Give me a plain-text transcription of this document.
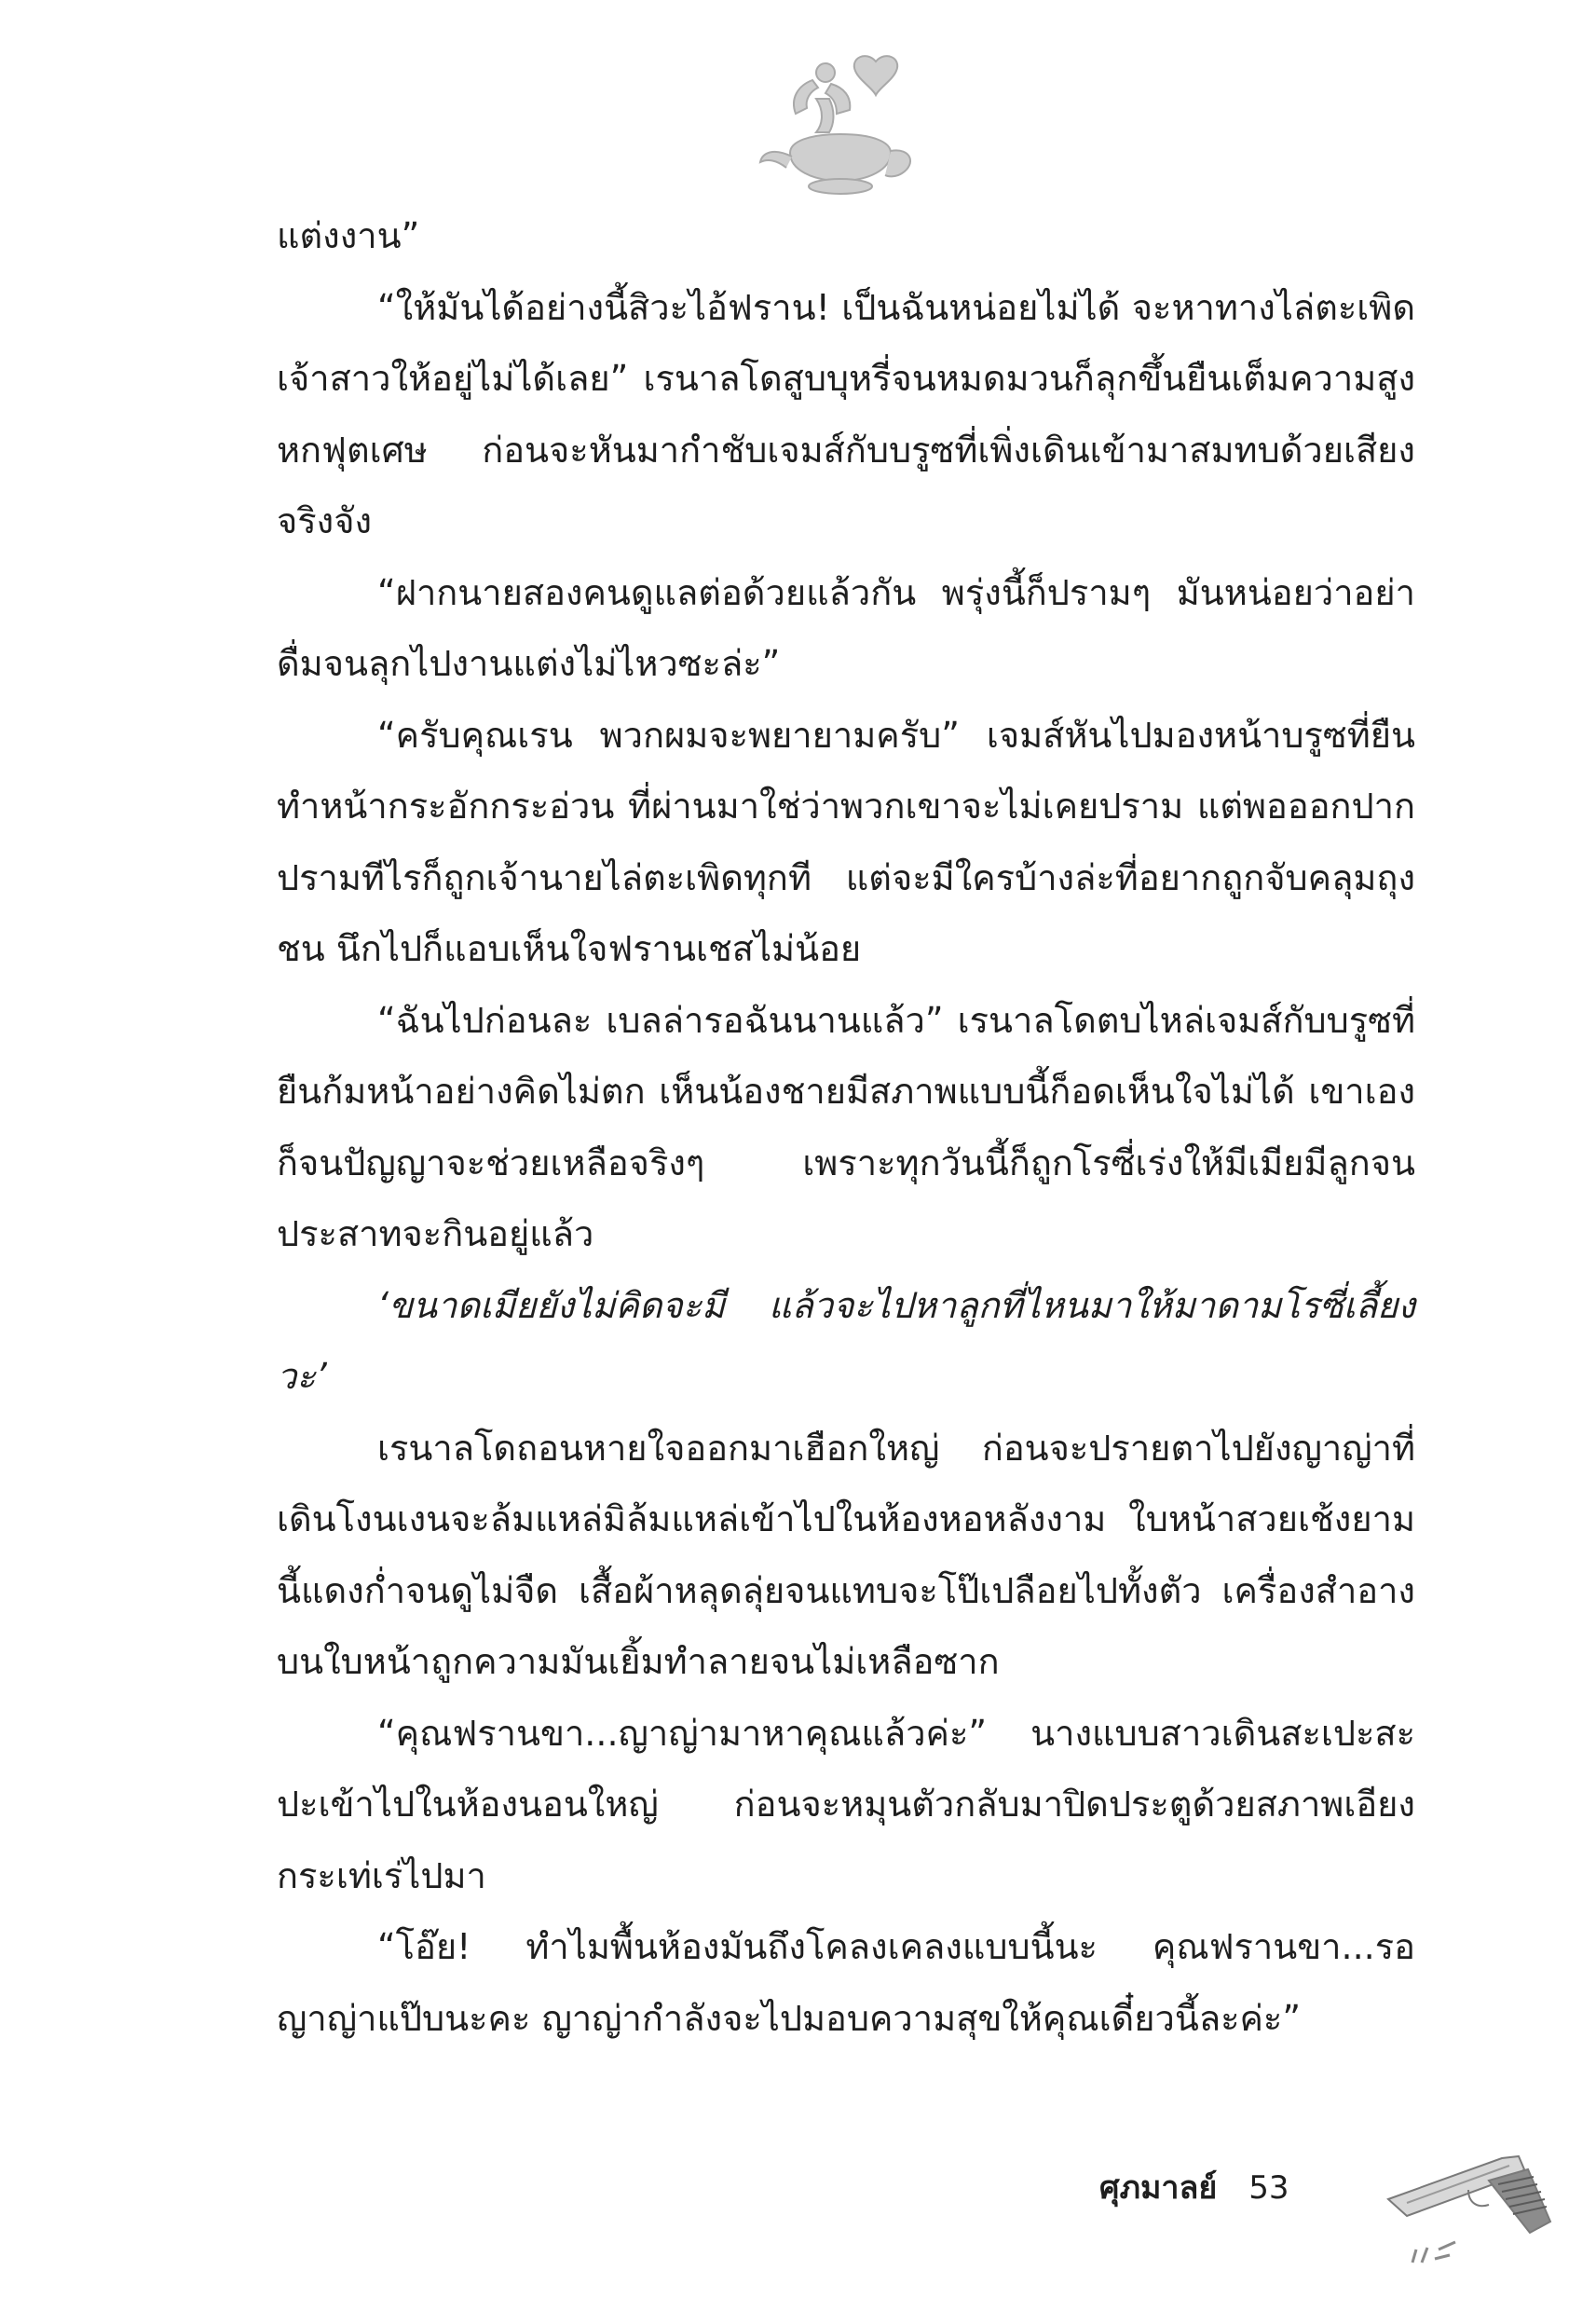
แต่งงาน”

“ให้มันได้อย่างนี้สิวะไอ้ฟราน! เป็นฉันหน่อยไม่ได้ จะหาทางไล่ตะเพิดเจ้าสาวให้อยู่ไม่ได้เลย” เรนาลโดสูบบุหรี่จนหมดมวนก็ลุกขึ้นยืนเต็มความสูงหกฟุตเศษ ก่อนจะหันมากำชับเจมส์กับบรูซที่เพิ่งเดินเข้ามาสมทบด้วยเสียงจริงจัง

“ฝากนายสองคนดูแลต่อด้วยแล้วกัน พรุ่งนี้ก็ปรามๆ มันหน่อยว่าอย่าดื่มจนลุกไปงานแต่งไม่ไหวซะล่ะ”

“ครับคุณเรน พวกผมจะพยายามครับ” เจมส์หันไปมองหน้าบรูซที่ยืนทำหน้ากระอักกระอ่วน ที่ผ่านมาใช่ว่าพวกเขาจะไม่เคยปราม แต่พอออกปากปรามทีไรก็ถูกเจ้านายไล่ตะเพิดทุกที แต่จะมีใครบ้างล่ะที่อยากถูกจับคลุมถุงชน นึกไปก็แอบเห็นใจฟรานเชสไม่น้อย

“ฉันไปก่อนละ เบลล่ารอฉันนานแล้ว” เรนาลโดตบไหล่เจมส์กับบรูซที่ยืนก้มหน้าอย่างคิดไม่ตก เห็นน้องชายมีสภาพแบบนี้ก็อดเห็นใจไม่ได้ เขาเองก็จนปัญญาจะช่วยเหลือจริงๆ เพราะทุกวันนี้ก็ถูกโรซี่เร่งให้มีเมียมีลูกจนประสาทจะกินอยู่แล้ว

‘ขนาดเมียยังไม่คิดจะมี แล้วจะไปหาลูกที่ไหนมาให้มาดามโรซี่เลี้ยงวะ’

เรนาลโดถอนหายใจออกมาเฮือกใหญ่ ก่อนจะปรายตาไปยังญาญ่าที่เดินโงนเงนจะล้มแหล่มิล้มแหล่เข้าไปในห้องหอหลังงาม ใบหน้าสวยเช้งยามนี้แดงก่ำจนดูไม่จืด เสื้อผ้าหลุดลุ่ยจนแทบจะโป๊เปลือยไปทั้งตัว เครื่องสำอางบนใบหน้าถูกความมันเยิ้มทำลายจนไม่เหลือซาก

“คุณฟรานขา...ญาญ่ามาหาคุณแล้วค่ะ” นางแบบสาวเดินสะเปะสะปะเข้าไปในห้องนอนใหญ่ ก่อนจะหมุนตัวกลับมาปิดประตูด้วยสภาพเอียงกระเท่เร่ไปมา

“โอ๊ย! ทำไมพื้นห้องมันถึงโคลงเคลงแบบนี้นะ คุณฟรานขา...รอญาญ่าแป๊บนะคะ ญาญ่ากำลังจะไปมอบความสุขให้คุณเดี๋ยวนี้ละค่ะ”

ศุภมาลย์ 53
